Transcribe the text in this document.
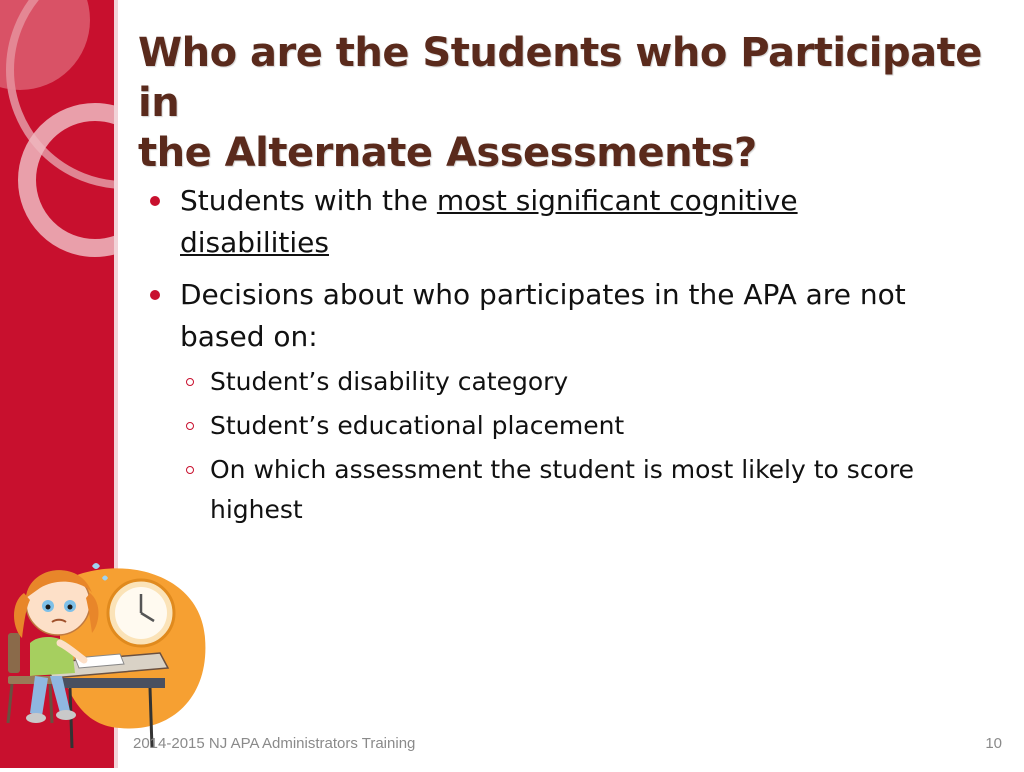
Who are the Students who Participate in
the Alternate Assessments?
Students with the most significant cognitive disabilities
Decisions about who participates in the APA are not based on:
Student’s disability category
Student’s educational placement
On which assessment the student is most likely to score highest
2014-2015 NJ APA Administrators Training	10
